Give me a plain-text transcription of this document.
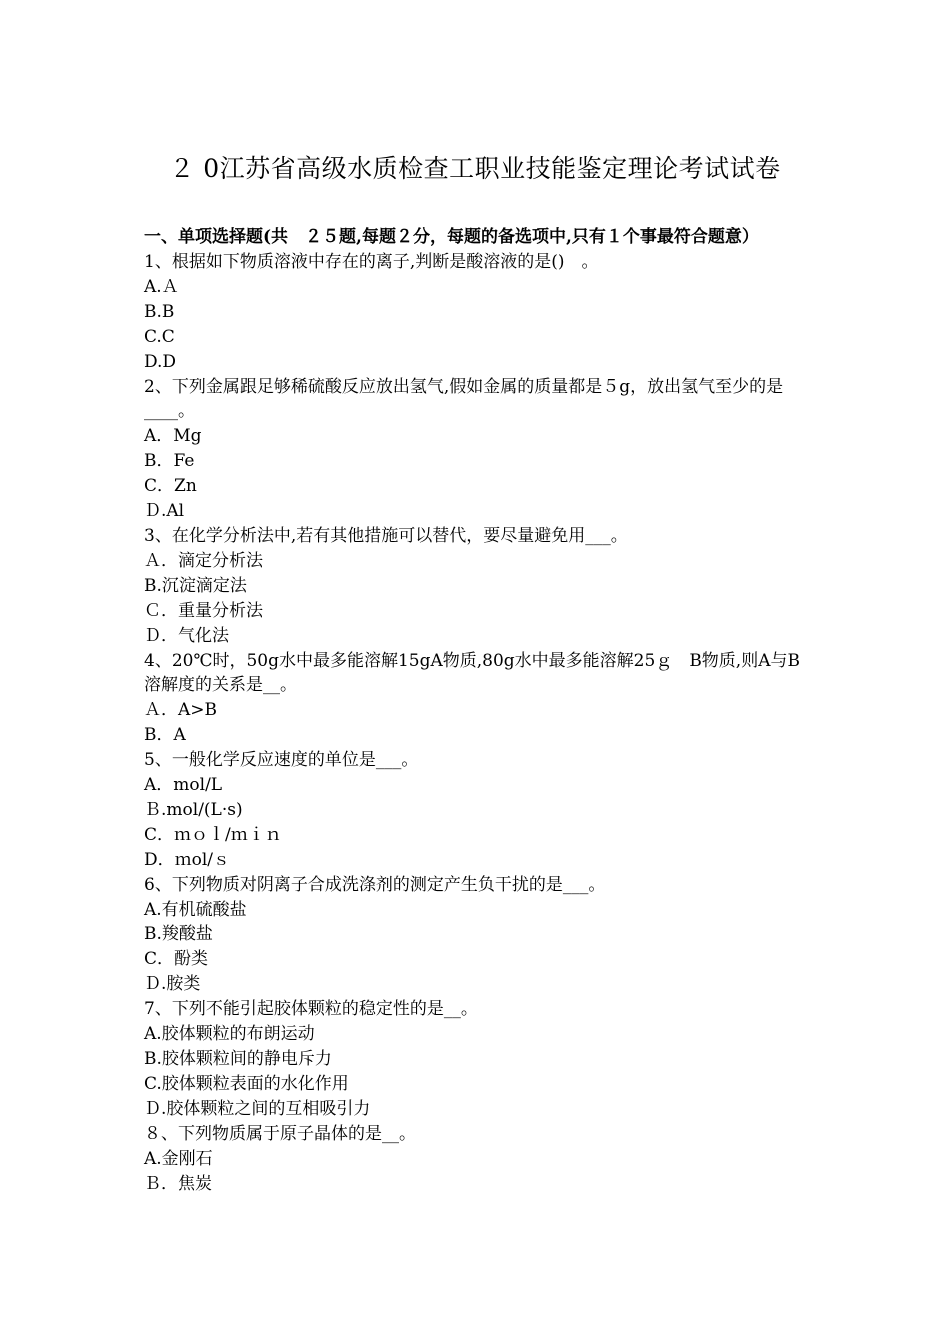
２ 0江苏省高级水质检查工职业技能鉴定理论考试试卷

一、单项选择题(共　２５题,每题２分，每题的备选项中,只有１个事最符合题意）

1、根据如下物质溶液中存在的离子,判断是酸溶液的是()　。

A.Ａ

B.B

C.C

D.D

2、下列金属跟足够稀硫酸反应放出氢气,假如金属的质量都是５g，放出氢气至少的是____。

A．Mg

B．Fe

C．Zn

Ｄ.Al

3、在化学分析法中,若有其他措施可以替代，要尽量避免用___。

Ａ．滴定分析法

B.沉淀滴定法

Ｃ．重量分析法

Ｄ．气化法

4、20℃时，50g水中最多能溶解15gA物质,80g水中最多能溶解25ｇ　B物质,则A与B溶解度的关系是__。

Ａ．A>B

B．A

5、一般化学反应速度的单位是___。

A．mol/L

Ｂ.mol/(L·s)

C．ｍｏｌ/ｍｉｎ

D．ｍol/ｓ

6、下列物质对阴离子合成洗涤剂的测定产生负干扰的是___。

A.有机硫酸盐

B.羧酸盐

C．酚类

Ｄ.胺类

7、下列不能引起胶体颗粒的稳定性的是__。

A.胶体颗粒的布朗运动

B.胶体颗粒间的静电斥力

C.胶体颗粒表面的水化作用

Ｄ.胶体颗粒之间的互相吸引力

８、下列物质属于原子晶体的是__。

A.金刚石

Ｂ．焦炭
